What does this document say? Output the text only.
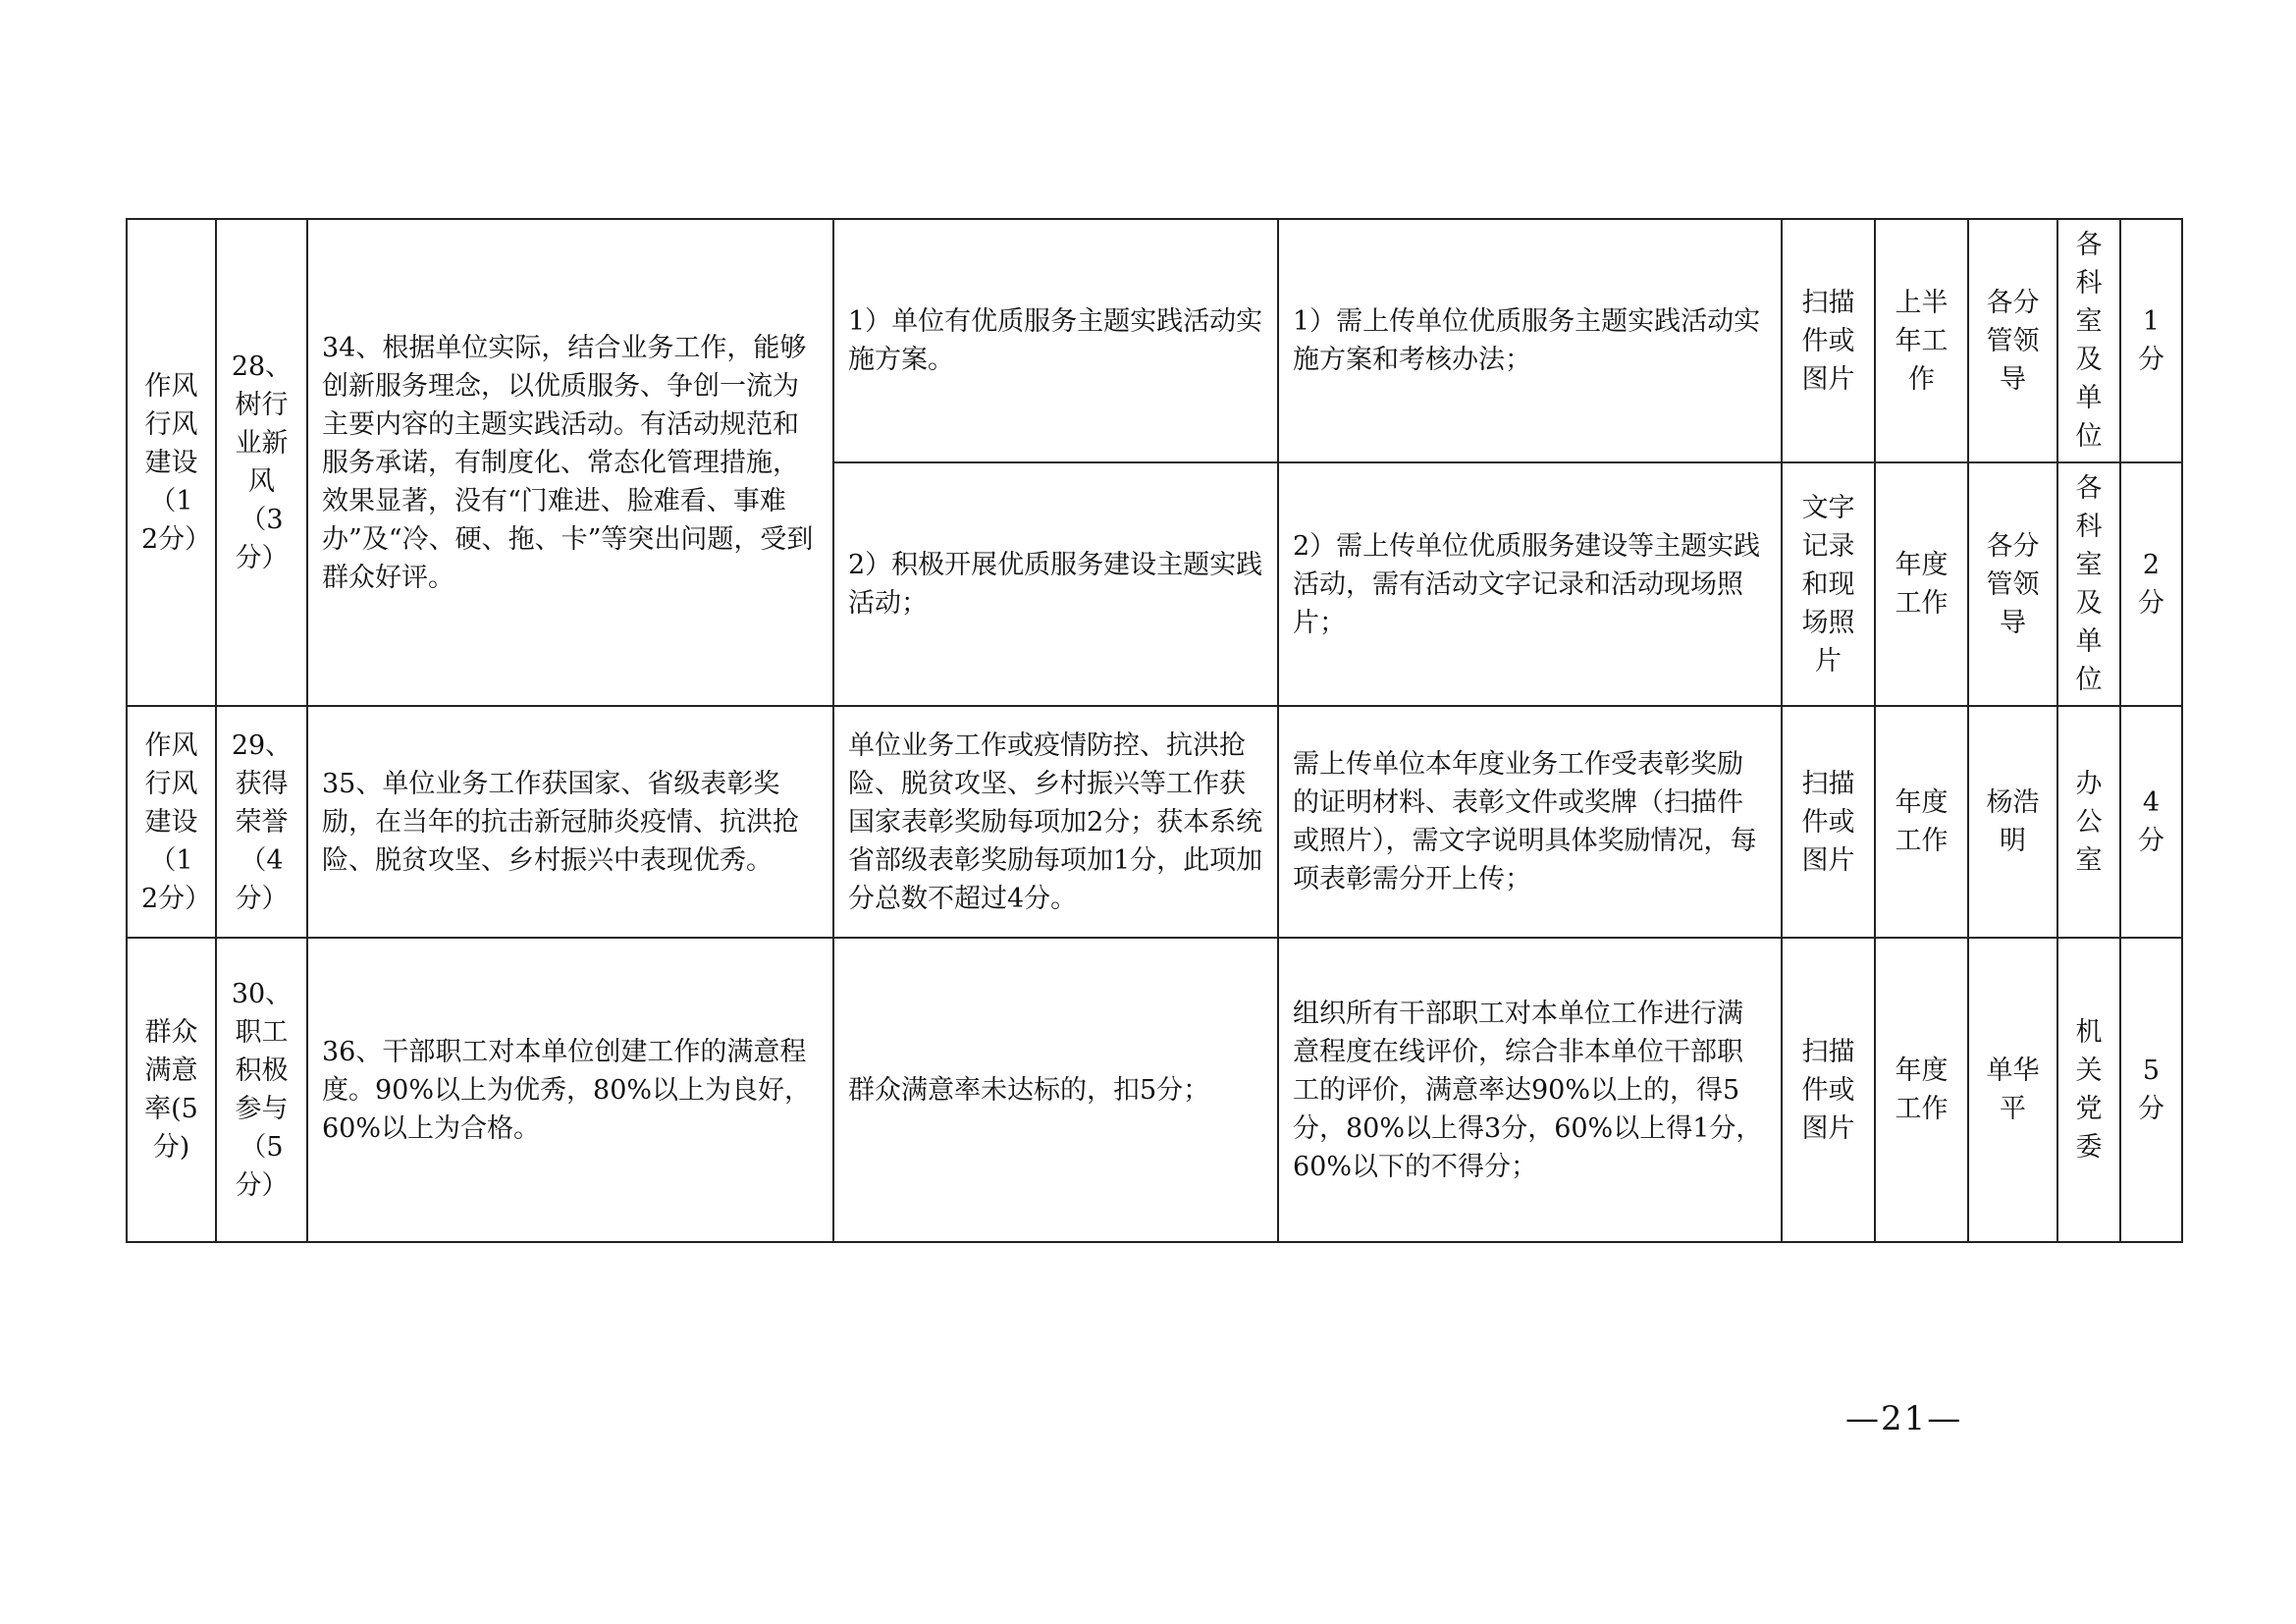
作风行风建设（12分）	28、树行业新风（3分）	34、根据单位实际，结合业务工作，能够创新服务理念，以优质服务、争创一流为主要内容的主题实践活动。有活动规范和服务承诺，有制度化、常态化管理措施，效果显著，没有“门难进、脸难看、事难办”及“冷、硬、拖、卡”等突出问题，受到群众好评。	1）单位有优质服务主题实践活动实施方案。	1）需上传单位优质服务主题实践活动实施方案和考核办法；	扫描件或图片	上半年工作	各分管领导	各科室及单位	1分
			2）积极开展优质服务建设主题实践活动；	2）需上传单位优质服务建设等主题实践活动，需有活动文字记录和活动现场照片；	文字记录和现场照片	年度工作	各分管领导	各科室及单位	2分
作风行风建设（12分）	29、获得荣誉（4分）	35、单位业务工作获国家、省级表彰奖励，在当年的抗击新冠肺炎疫情、抗洪抢险、脱贫攻坚、乡村振兴中表现优秀。	单位业务工作或疫情防控、抗洪抢险、脱贫攻坚、乡村振兴等工作获国家表彰奖励每项加2分；获本系统省部级表彰奖励每项加1分，此项加分总数不超过4分。	需上传单位本年度业务工作受表彰奖励的证明材料、表彰文件或奖牌（扫描件或照片），需文字说明具体奖励情况，每项表彰需分开上传；	扫描件或图片	年度工作	杨浩明	办公室	4分
群众满意率(5分)	30、职工积极参与（5分）	36、干部职工对本单位创建工作的满意程度。90%以上为优秀，80%以上为良好，60%以上为合格。	群众满意率未达标的，扣5分；	组织所有干部职工对本单位工作进行满意程度在线评价，综合非本单位干部职工的评价，满意率达90%以上的，得5分，80%以上得3分，60%以上得1分，60%以下的不得分；	扫描件或图片	年度工作	单华平	机关党委	5分
—21—
